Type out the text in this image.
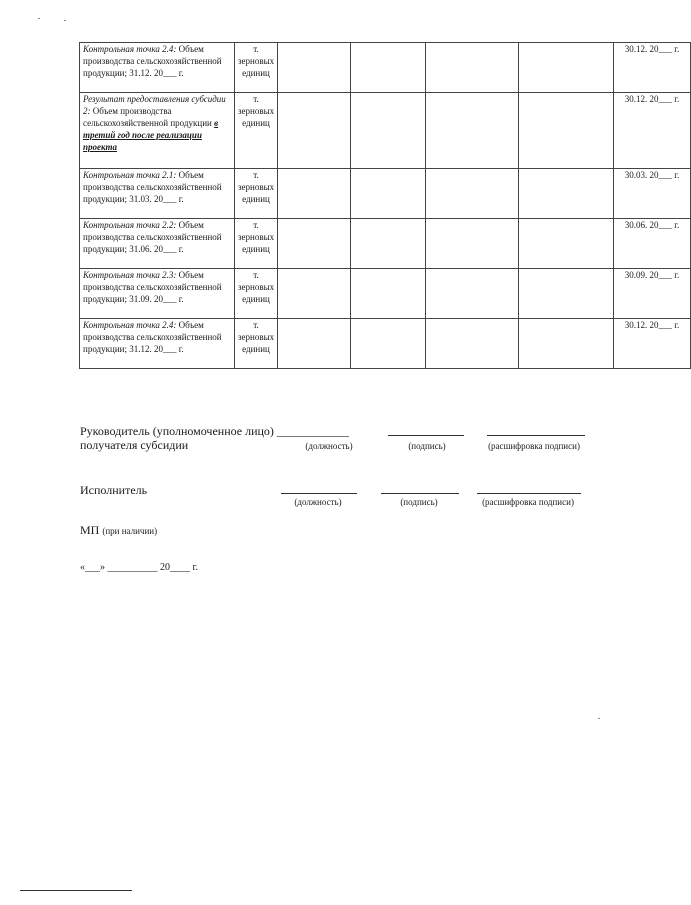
Контрольная точка 2.4: Объем производства сельскохозяйственной продукции; 31.12. 20___ г.	т. зерновых единиц					30.12. 20___ г.
Результат предоставления субсидии 2: Объем производства сельскохозяйственной продукции в третий год после реализации проекта	т. зерновых единиц					30.12. 20___ г.
Контрольная точка 2.1: Объем производства сельскохозяйственной продукции; 31.03. 20___ г.	т. зерновых единиц					30.03. 20___ г.
Контрольная точка 2.2: Объем производства сельскохозяйственной продукции; 31.06. 20___ г.	т. зерновых единиц					30.06. 20___ г.
Контрольная точка 2.3: Объем производства сельскохозяйственной продукции; 31.09. 20___ г.	т. зерновых единиц					30.09. 20___ г.
Контрольная точка 2.4: Объем производства сельскохозяйственной продукции; 31.12. 20___ г.	т. зерновых единиц					30.12. 20___ г.
Руководитель (уполномоченное лицо) ____________
получателя субсидии	(должность)	(подпись)	(расшифровка подписи)
Исполнитель
(должность)	(подпись)	(расшифровка подписи)
МП (при наличии)
«___» __________ 20____ г.
